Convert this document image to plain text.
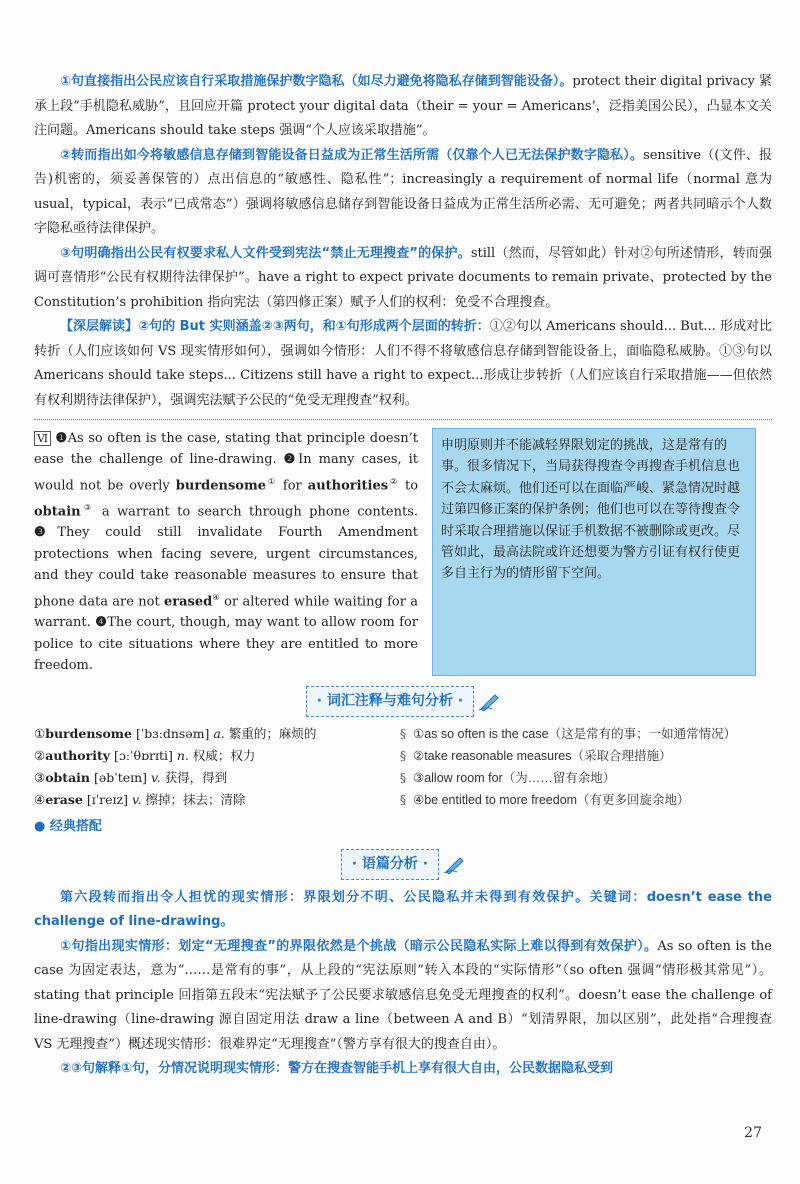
①句直接指出公民应该自行采取措施保护数字隐私（如尽力避免将隐私存储到智能设备）。protect their digital privacy 紧承上段“手机隐私威胁”，且回应开篇 protect your digital data（their = your = Americans’，泛指美国公民），凸显本文关注问题。Americans should take steps 强调“个人应该采取措施”。

②转而指出如今将敏感信息存储到智能设备日益成为正常生活所需（仅靠个人已无法保护数字隐私）。sensitive（(文件、报告)机密的，须妥善保管的）点出信息的“敏感性、隐私性”；increasingly a requirement of normal life（normal 意为 usual，typical，表示“已成常态”）强调将敏感信息储存到智能设备日益成为正常生活所必需、无可避免；两者共同暗示个人数字隐私亟待法律保护。

③句明确指出公民有权要求私人文件受到宪法“禁止无理搜查”的保护。still（然而，尽管如此）针对②句所述情形，转而强调可喜情形“公民有权期待法律保护”。have a right to expect private documents to remain private、protected by the Constitution’s prohibition 指向宪法（第四修正案）赋予人们的权利：免受不合理搜查。

【深层解读】②句的 But 实则涵盖②③两句，和①句形成两个层面的转折：①②句以 Americans should... But... 形成对比转折（人们应该如何 VS 现实情形如何），强调如今情形：人们不得不将敏感信息存储到智能设备上，面临隐私威胁。①③句以 Americans should take steps... Citizens still have a right to expect...形成让步转折（人们应该自行采取措施——但依然有权利期待法律保护），强调宪法赋予公民的“免受无理搜查”权利。

Ⅵ ❶As so often is the case, stating that principle doesn’t ease the challenge of line-drawing. ❷In many cases, it would not be overly burdensome① for authorities② to obtain③ a warrant to search through phone contents. ❸They could still invalidate Fourth Amendment protections when facing severe, urgent circumstances, and they could take reasonable measures to ensure that phone data are not erased④ or altered while waiting for a warrant. ❹The court, though, may want to allow room for police to cite situations where they are entitled to more freedom.
申明原则并不能减轻界限划定的挑战，这是常有的事。很多情况下，当局获得搜查令再搜查手机信息也不会太麻烦。他们还可以在面临严峻、紧急情况时越过第四修正案的保护条例；他们也可以在等待搜查令时采取合理措施以保证手机数据不被删除或更改。尽管如此，最高法院或许还想要为警方引证有权行使更多自主行为的情形留下空间。
· 词汇注释与难句分析 ·
①burdensome [ˈbɜːdnsəm] a. 繁重的；麻烦的
②authority [ɔːˈθɒrɪti] n. 权威；权力
③obtain [əbˈteɪn] v. 获得，得到
④erase [ɪˈreɪz] v. 擦掉；抹去；清除
§
§
§
§
①as so often is the case（这是常有的事；一如通常情况）
②take reasonable measures（采取合理措施）
③allow room for（为……留有余地）
④be entitled to more freedom（有更多回旋余地）
● 经典搭配
· 语篇分析 ·

第六段转而指出令人担忧的现实情形：界限划分不明、公民隐私并未得到有效保护。关键词：doesn’t ease the challenge of line-drawing。

①句指出现实情形：划定“无理搜查”的界限依然是个挑战（暗示公民隐私实际上难以得到有效保护）。As so often is the case 为固定表达，意为“……是常有的事”，从上段的“宪法原则”转入本段的“实际情形”（so often 强调“情形极其常见”）。stating that principle 回指第五段末“宪法赋予了公民要求敏感信息免受无理搜查的权利”。doesn’t ease the challenge of line-drawing（line-drawing 源自固定用法 draw a line（between A and B）“划清界限，加以区别”，此处指“合理搜查 VS 无理搜查”）概述现实情形：很难界定“无理搜查”（警方享有很大的搜查自由）。

②③句解释①句，分情况说明现实情形：警方在搜查智能手机上享有很大自由，公民数据隐私受到

27
